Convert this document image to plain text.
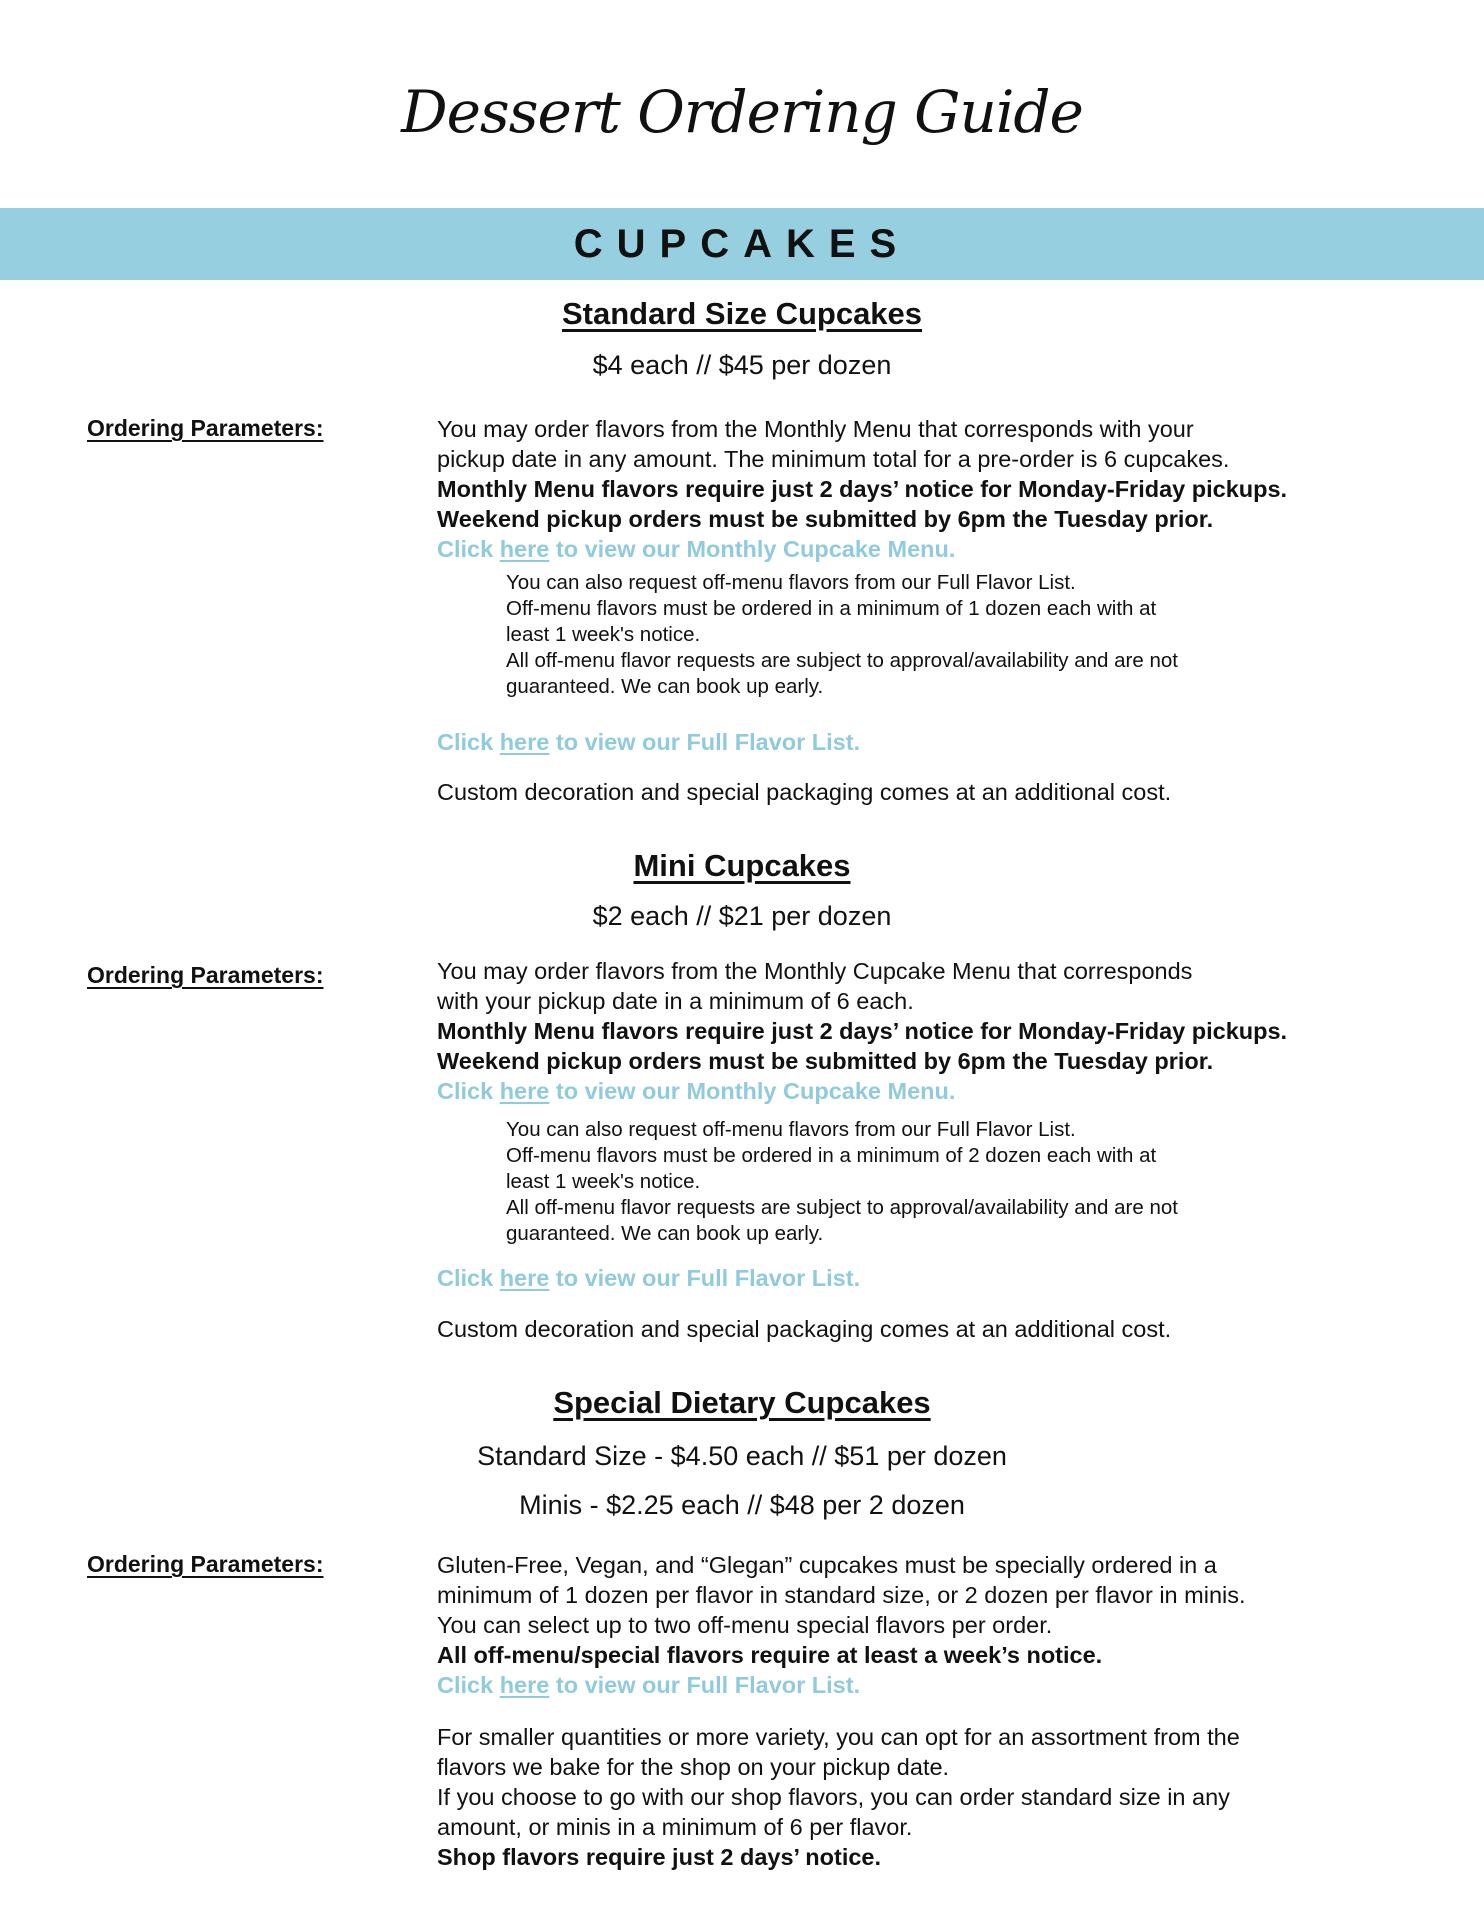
Dessert Ordering Guide
CUPCAKES
Standard Size Cupcakes
$4 each // $45 per dozen
Ordering Parameters:	You may order flavors from the Monthly Menu that corresponds with your
pickup date in any amount. The minimum total for a pre-order is 6 cupcakes.
Monthly Menu flavors require just 2 days’ notice for Monday-Friday pickups.
Weekend pickup orders must be submitted by 6pm the Tuesday prior.
Click here to view our Monthly Cupcake Menu.
You can also request off-menu flavors from our Full Flavor List.
Off-menu flavors must be ordered in a minimum of 1 dozen each with at
least 1 week's notice.
All off-menu flavor requests are subject to approval/availability and are not
guaranteed. We can book up early.
Click here to view our Full Flavor List.
Custom decoration and special packaging comes at an additional cost.
Mini Cupcakes
$2 each // $21 per dozen
Ordering Parameters:	You may order flavors from the Monthly Cupcake Menu that corresponds
with your pickup date in a minimum of 6 each.
Monthly Menu flavors require just 2 days’ notice for Monday-Friday pickups.
Weekend pickup orders must be submitted by 6pm the Tuesday prior.
Click here to view our Monthly Cupcake Menu.
You can also request off-menu flavors from our Full Flavor List.
Off-menu flavors must be ordered in a minimum of 2 dozen each with at
least 1 week's notice.
All off-menu flavor requests are subject to approval/availability and are not
guaranteed. We can book up early.
Click here to view our Full Flavor List.
Custom decoration and special packaging comes at an additional cost.
Special Dietary Cupcakes
Standard Size - $4.50 each // $51 per dozen
Minis - $2.25 each // $48 per 2 dozen
Ordering Parameters:	Gluten-Free, Vegan, and “Glegan” cupcakes must be specially ordered in a
minimum of 1 dozen per flavor in standard size, or 2 dozen per flavor in minis.
You can select up to two off-menu special flavors per order.
All off-menu/special flavors require at least a week’s notice.
Click here to view our Full Flavor List.
For smaller quantities or more variety, you can opt for an assortment from the
flavors we bake for the shop on your pickup date.
If you choose to go with our shop flavors, you can order standard size in any
amount, or minis in a minimum of 6 per flavor.
Shop flavors require just 2 days’ notice.
